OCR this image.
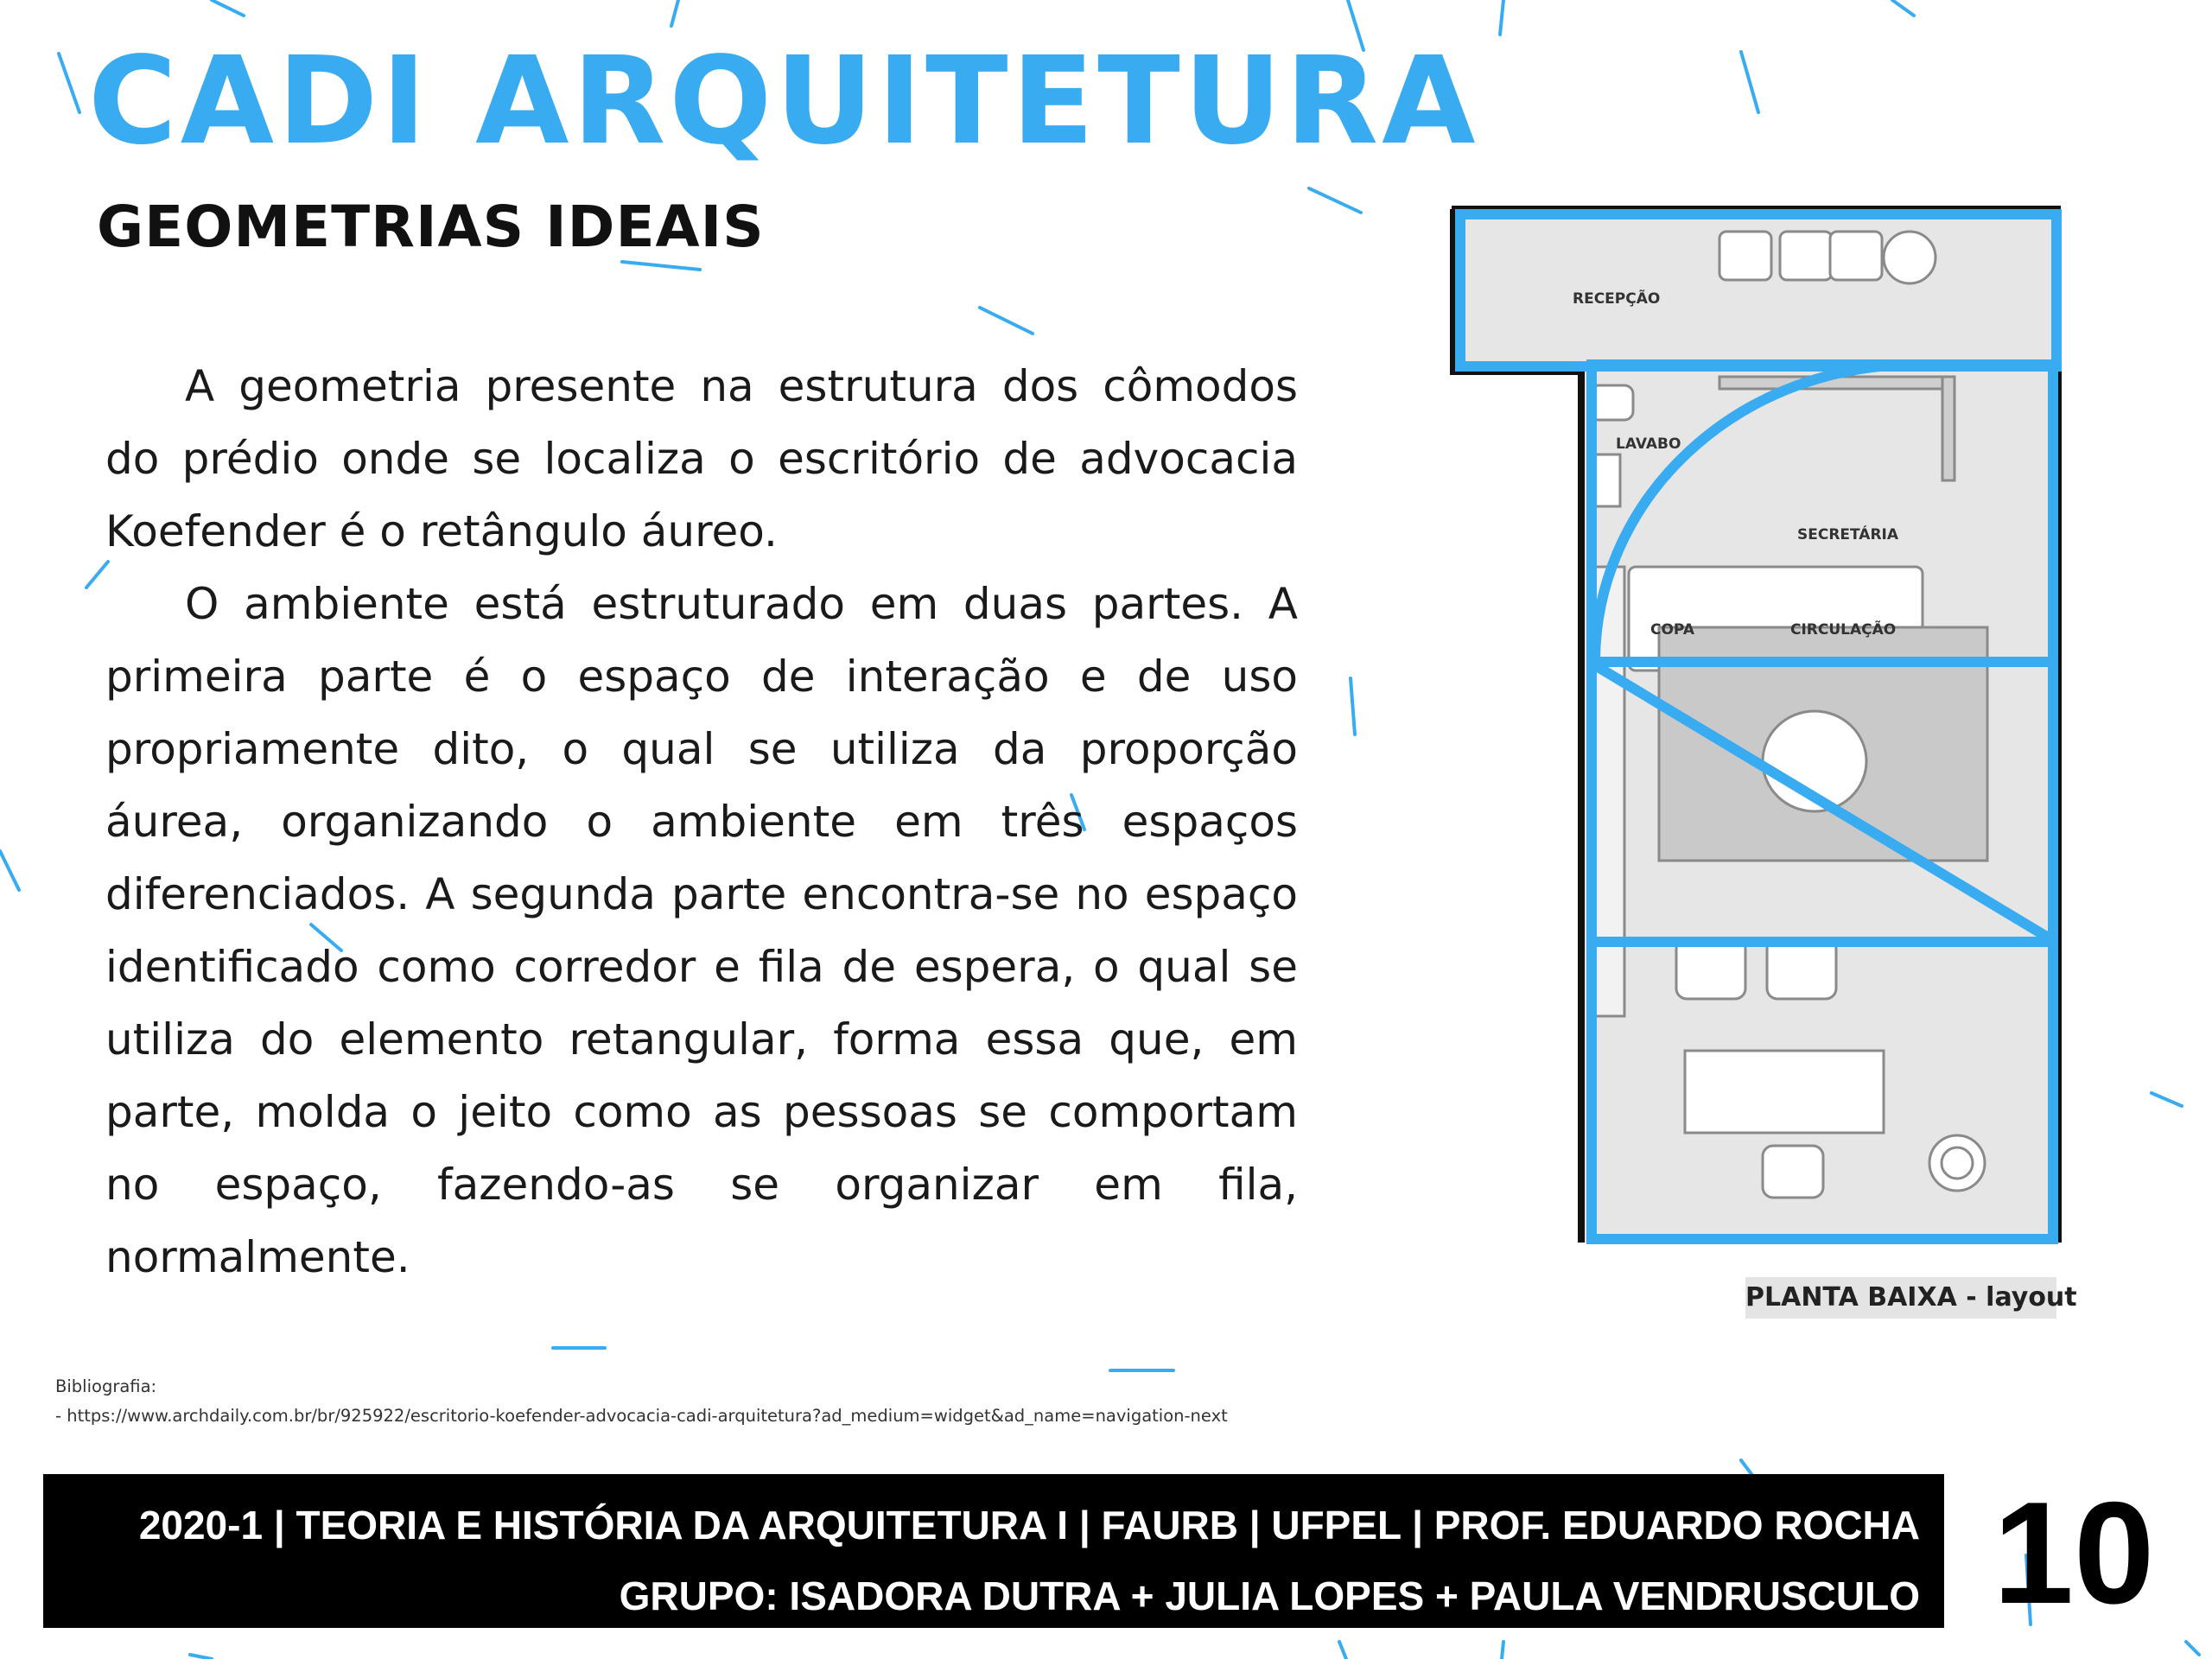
CADI ARQUITETURA
GEOMETRIAS IDEAIS

A geometria presente na estrutura dos cômodos do prédio onde se localiza o escritório de advocacia Koefender é o retângulo áureo.

O ambiente está estruturado em duas partes. A primeira parte é o espaço de interação e de uso propriamente dito, o qual se utiliza da proporção áurea, organizando o ambiente em três espaços diferenciados. A segunda parte encontra-se no espaço identificado como corredor e fila de espera, o qual se utiliza do elemento retangular, forma essa que, em parte, molda o jeito como as pessoas se comportam no espaço, fazendo-as se organizar em fila, normalmente.

RECEPÇÃO
LAVABO
SECRETÁRIA
COPA	CIRCULAÇÃO
PLANTA BAIXA - layout
Bibliografia:
- https://www.archdaily.com.br/br/925922/escritorio-koefender-advocacia-cadi-arquitetura?ad_medium=widget&ad_name=navigation-next
2020-1 | TEORIA E HISTÓRIA DA ARQUITETURA I | FAURB | UFPEL | PROF. EDUARDO ROCHA
GRUPO: ISADORA DUTRA + JULIA LOPES + PAULA VENDRUSCULO 10
